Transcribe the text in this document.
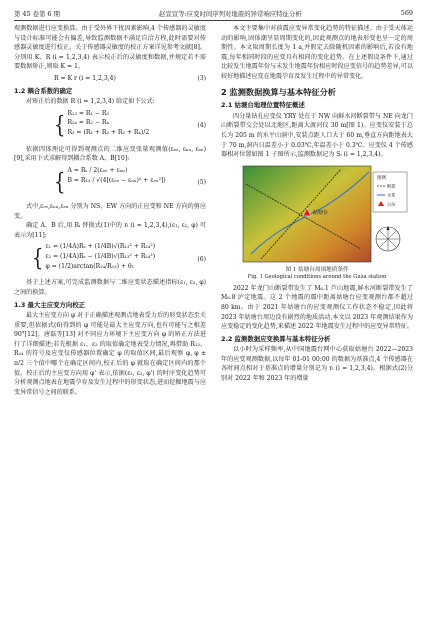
第 45 卷第 6 期	赵宣宣等:应变时间序列对地震的异常响应特征分析	569

观测数据进行应变换算。由于受外界干扰因素影响,4 个传感器的灵敏度与设计标准可能会有偏差,导致监测数据不满足自洽方程,此时需要对传感器灵敏度进行校正。关于传感器灵敏度的校正方案详见参考文献[8]。分别用 K、R (i = 1,2,3,4) 表示校正后的灵敏度和数据,并规定若不需要数据矫正,则取 K = 1。

R = K r (i = 1,2,3,4)	(3)
1.2 耦合系数的确定

对矫正后的数据 R (i = 1,2,3,4) 给定如下公式:

{ R₁₃ = R₁ − R₃
R₂₄ = R₂ − R₄
R₃ = (R₁ + R₃ + R₂ + R₄)/2
(4)

依据四体理论可得到观测点的二维应变张量观测值(εₑₑ, εₙₙ, εₑₙ)[9],采用下式求解得到耦合系数 A、B[10]:

{ A = Rₛ / 2(εₑₑ + εₙₙ)
B = R₁₃ / √(4[(εₑₑ − εₙₙ)² + εₑₙ²])	(5)

式中,εₑₑ,εₙₙ,εₑₙ 分别为 NS、EW 方向的正应变和 NE 方向的剪应变。

确定 A、B 后,用 Rᵢ 替换式(1)中的 rᵢ (i = 1,2,3,4),(ε₁, ε₂, φ) 可表示为[11]:

{ ε₁ = (1/4A)Rₛ + (1/4B)√(R₁₃² + R₂₄²)
ε₂ = (1/4A)Rₛ − (1/4B)√(R₁₃² + R₂₄²)
φ = (1/2)arctan(R₂₄/R₁₃) + θ₁
(6)

基于上述方案,可完成监测数据与二维应变状态描述指标(ε₁, ε₂, φ)之间的换算。

1.3 最大主应变方向校正

最大主应变方向 φ 对于正确描述观测点地表受力后的形变状态至关重要,但依据式(6)得到的 φ 可能是最大主应变方向,也有可能与之相差 90°[12]。唐磊等[13] 对不同应力环境下主应变方向 φ 的矫正方法进行了详细描述;若先根据 ε₁、ε₂ 的取值确定地表受力情况,再借助 R₁₃、R₂₄ 的符号及应变仪传感器位置确定 φ 的取值区间,最后观察 φ, φ ± π/2 三个值中哪个在确定区间内,校正后的 φ 就取在确定区间内的那个值。校正后的主应变方向用 φ' 表示,依据(ε₁, ε₂, φ') 的时序变化趋势可分析观测点地表在地震孕育及发生过程中的形变状态,进而挖掘地震与应变异常信号之间的联系。

本文主要集中对前震应变异常变化趋势的特征描述。由于受天体运动的影响,固体潮呈显周期变化的,因此观测点的地表形变也呈一定的周期性。本文取周期长度为 1 a,并假定去除随机因素的影响后,若没有地震,每年相同时段的应变具有相同的变化趋势。在上述假设条件下,通过比较发生地震年份与未发生地震年份相应时段应变信号的趋势差异,可以较好地描述应变在地震孕育及发生过程中的异常变化。

2 监测数据换算与基本特征分析
2.1 姑塘台地理位置特征概述

四分量钻孔应变仪 YRY 处在于 NW 向鲜水河断裂带与 NE 向龙门山断裂带交会处以北地区,距离大渡河仅 30 m[图 1)。应变仪安装于总长为 205 m 的水平山洞中,安装点距人口大于 60 m,垂直方向距地表大于 70 m,洞内日温差小于 0.03℃,年温差小于 0.3℃。应变仪 4 个传感器相对位置如图 1 子图所示,监测数据记为 Sᵢ (i = 1,2,3,4)。

姑塘台
图例
断裂
水系
台站
图 1 姑塘台周围地质条件
Fig. 1 Geological conditions around the Guza station

2022 年龙门山断裂带发生了 M₆.1 芦山地震,鲜水河断裂带发生了 M₆.8 泸定地震。这 2 个地震的震中距离姑塘台应变观测台都不超过 80 km。由于 2021 年姑塘台的应变观测仪工作状态不稳定,因此将 2023 年姑塘台周边没有剧烈的地质活动,本文以 2023 年观测结果作为应变稳定的变化趋势,来描述 2022 年地震发生过程中的应变异常特征。

2.2 监测数据应变换算与基本特征分析

以小时为采样频率,从中国地震台网中心获取姑塘台 2022—2023 年的应变观测数据,以每年 01-01 00:00 的数据为基准点,4 个传感器在各时间点相对于基准点的增量分别记为 rᵢ (i = 1,2,3,4)。根据式(2)分别对 2022 年和 2023 年的增量
